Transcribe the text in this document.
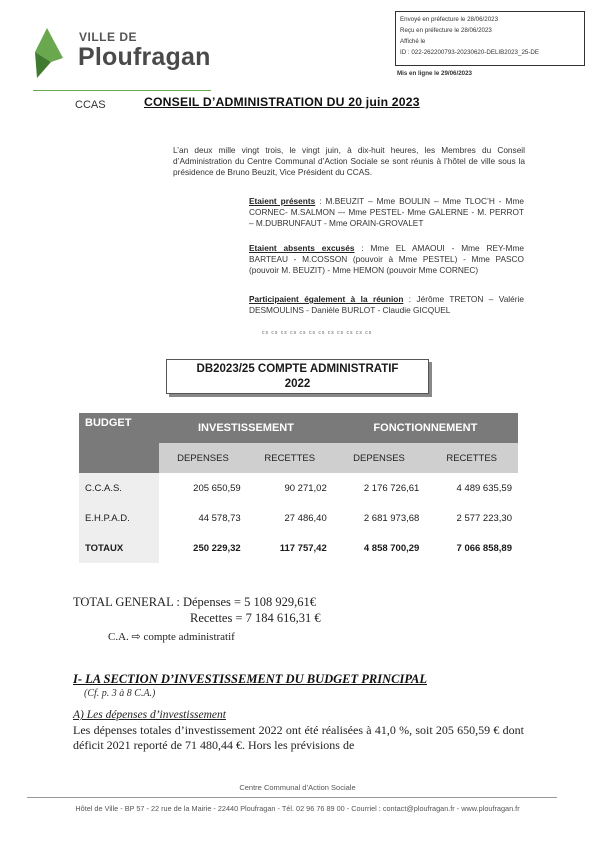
VILLE DE
Ploufragan
Envoyé en préfecture le 28/06/2023
Reçu en préfecture le 28/06/2023
Affiché le
ID : 022-262200793-20230620-DELIB2023_25-DE
Mis en ligne le 29/06/2023
CCAS	CONSEIL D’ADMINISTRATION DU 20 juin 2023
L’an deux mille vingt trois, le vingt juin, à dix-huit heures, les Membres du Conseil d’Administration du Centre Communal d’Action Sociale se sont réunis à l’hôtel de ville sous la présidence de Bruno Beuzit, Vice Président du CCAS.
Etaient présents : M.BEUZIT – Mme BOULIN – Mme TLOC’H - Mme CORNEC- M.SALMON –- Mme PESTEL- Mme GALERNE - M. PERROT – M.DUBRUNFAUT - Mme ORAIN-GROVALET
Etaient absents excusés : Mme EL AMAOUI - Mme REY-Mme BARTEAU - M.COSSON (pouvoir à Mme PESTEL) - Mme PASCO (pouvoir M. BEUZIT) - Mme HEMON (pouvoir Mme CORNEC)
Participaient également à la réunion : Jérôme TRETON – Valérie DESMOULINS - Danièle BURLOT - Claudie GICQUEL
cs cs cs cs cs cs cs cs cs cs cs cs
DB2023/25 COMPTE ADMINISTRATIF
2022
BUDGET	INVESTISSEMENT		FONCTIONNEMENT	
	DEPENSES	RECETTES	DEPENSES	RECETTES
C.C.A.S.	205 650,59	90 271,02	2 176 726,61	4 489 635,59
E.H.P.A.D.	44 578,73	27 486,40	2 681 973,68	2 577 223,30
TOTAUX	250 229,32	117 757,42	4 858 700,29	7 066 858,89
TOTAL GENERAL : Dépenses = 5 108 929,61€
Recettes = 7 184 616,31 €
C.A. ⇨ compte administratif
I- LA SECTION D’INVESTISSEMENT DU BUDGET PRINCIPAL
(Cf. p. 3 à 8 C.A.)
A) Les dépenses d’investissement
Les dépenses totales d’investissement 2022 ont été réalisées à 41,0 %, soit 205 650,59 € dont déficit 2021 reporté de 71 480,44 €. Hors les prévisions de
Centre Communal d’Action Sociale
Hôtel de Ville - BP 57 - 22 rue de la Mairie - 22440 Ploufragan - Tél. 02 96 76 89 00 - Courriel : contact@ploufragan.fr - www.ploufragan.fr
